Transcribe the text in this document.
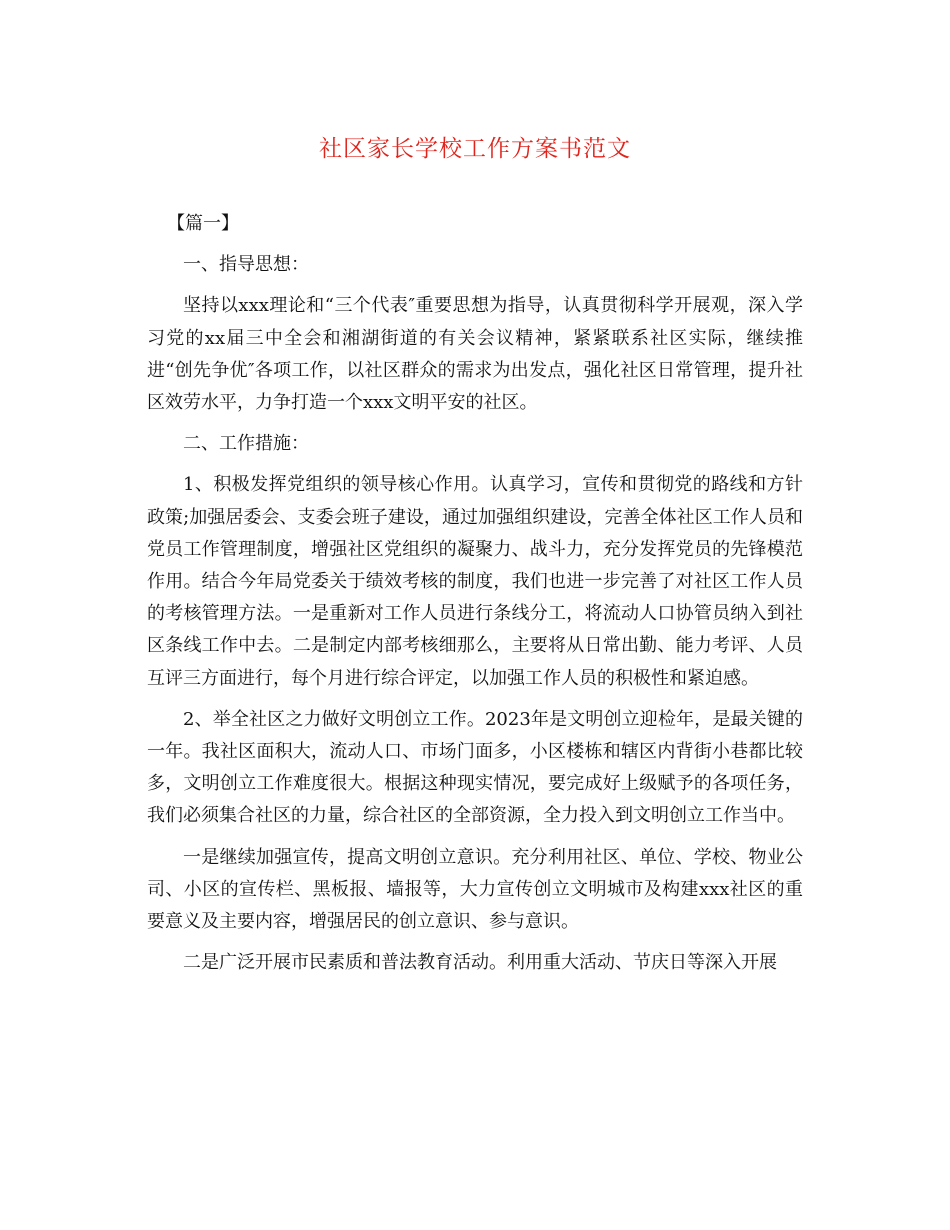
社区家长学校工作方案书范文

【篇一】

一、指导思想：

坚持以xxx理论和“三个代表″重要思想为指导，认真贯彻科学开展观，深入学习党的xx届三中全会和湘湖街道的有关会议精神，紧紧联系社区实际，继续推进“创先争优″各项工作，以社区群众的需求为出发点，强化社区日常管理，提升社区效劳水平，力争打造一个xxx文明平安的社区。

二、工作措施：

1、积极发挥党组织的领导核心作用。认真学习，宣传和贯彻党的路线和方针政策;加强居委会、支委会班子建设，通过加强组织建设，完善全体社区工作人员和党员工作管理制度，增强社区党组织的凝聚力、战斗力，充分发挥党员的先锋模范作用。结合今年局党委关于绩效考核的制度，我们也进一步完善了对社区工作人员的考核管理方法。一是重新对工作人员进行条线分工，将流动人口协管员纳入到社区条线工作中去。二是制定内部考核细那么，主要将从日常出勤、能力考评、人员互评三方面进行，每个月进行综合评定，以加强工作人员的积极性和紧迫感。

2、举全社区之力做好文明创立工作。2023年是文明创立迎检年，是最关键的一年。我社区面积大，流动人口、市场门面多，小区楼栋和辖区内背街小巷都比较多，文明创立工作难度很大。根据这种现实情况，要完成好上级赋予的各项任务，我们必须集合社区的力量，综合社区的全部资源，全力投入到文明创立工作当中。

一是继续加强宣传，提高文明创立意识。充分利用社区、单位、学校、物业公司、小区的宣传栏、黑板报、墙报等，大力宣传创立文明城市及构建xxx社区的重要意义及主要内容，增强居民的创立意识、参与意识。

二是广泛开展市民素质和普法教育活动。利用重大活动、节庆日等深入开展
